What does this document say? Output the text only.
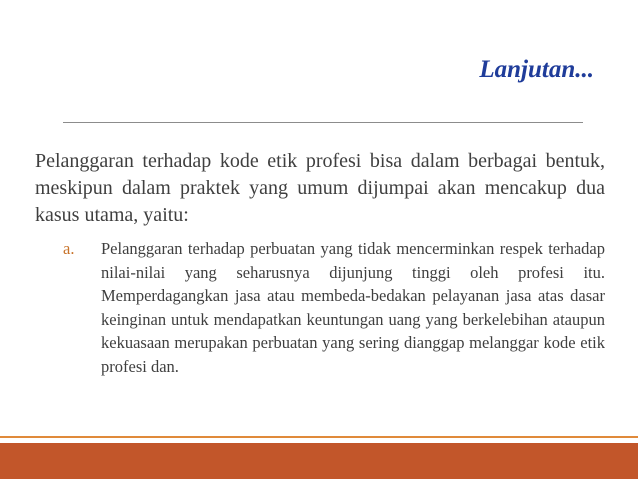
Lanjutan...

Pelanggaran terhadap kode etik profesi bisa dalam berbagai bentuk, meskipun dalam praktek yang umum dijumpai akan mencakup dua kasus utama, yaitu:

a. Pelanggaran terhadap perbuatan yang tidak mencerminkan respek terhadap nilai-nilai yang seharusnya dijunjung tinggi oleh profesi itu. Memperdagangkan jasa atau membeda-bedakan pelayanan jasa atas dasar keinginan untuk mendapatkan keuntungan uang yang berkelebihan ataupun kekuasaan merupakan perbuatan yang sering dianggap melanggar kode etik profesi dan.
